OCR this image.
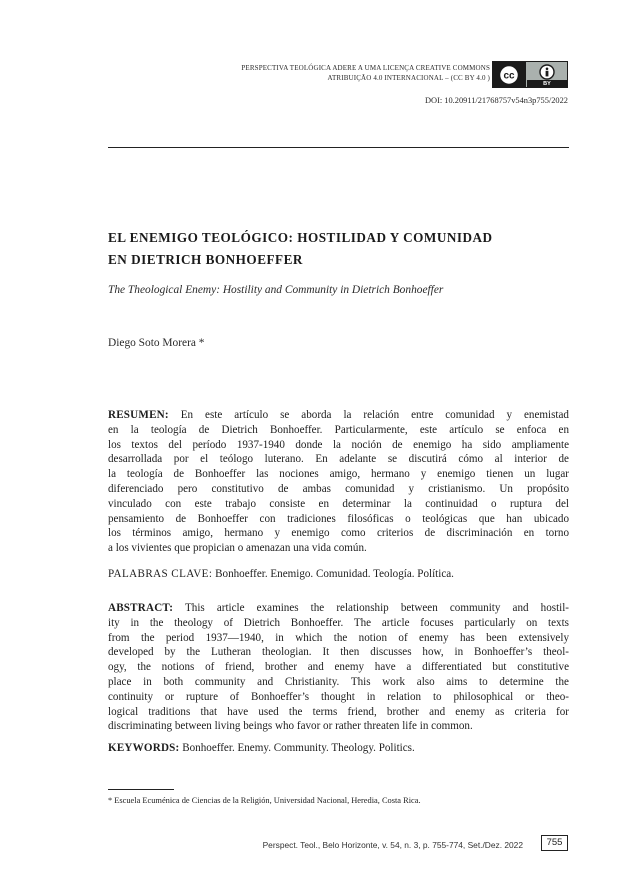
PERSPECTIVA TEOLÓGICA ADERE A UMA LICENÇA CREATIVE COMMONS
ATRIBUIÇÃO 4.0 INTERNACIONAL – (CC BY 4.0 ) cc
BY
DOI: 10.20911/21768757v54n3p755/2022
EL ENEMIGO TEOLÓGICO: HOSTILIDAD Y COMUNIDAD
EN DIETRICH BONHOEFFER
The Theological Enemy: Hostility and Community in Dietrich Bonhoeffer
Diego Soto Morera *
RESUMEN: En este artículo se aborda la relación entre comunidad y enemistad
en la teología de Dietrich Bonhoeffer. Particularmente, este artículo se enfoca en
los textos del período 1937-1940 donde la noción de enemigo ha sido ampliamente
desarrollada por el teólogo luterano. En adelante se discutirá cómo al interior de
la teología de Bonhoeffer las nociones amigo, hermano y enemigo tienen un lugar
diferenciado pero constitutivo de ambas comunidad y cristianismo. Un propósito
vinculado con este trabajo consiste en determinar la continuidad o ruptura del
pensamiento de Bonhoeffer con tradiciones filosóficas o teológicas que han ubicado
los términos amigo, hermano y enemigo como criterios de discriminación en torno
a los vivientes que propician o amenazan una vida común.
PALABRAS CLAVE: Bonhoeffer. Enemigo. Comunidad. Teología. Política.
ABSTRACT: This article examines the relationship between community and hostil-
ity in the theology of Dietrich Bonhoeffer. The article focuses particularly on texts
from the period 1937—1940, in which the notion of enemy has been extensively
developed by the Lutheran theologian. It then discusses how, in Bonhoeffer’s theol-
ogy, the notions of friend, brother and enemy have a differentiated but constitutive
place in both community and Christianity. This work also aims to determine the
continuity or rupture of Bonhoeffer’s thought in relation to philosophical or theo-
logical traditions that have used the terms friend, brother and enemy as criteria for
discriminating between living beings who favor or rather threaten life in common.
KEYWORDS: Bonhoeffer. Enemy. Community. Theology. Politics.
* Escuela Ecuménica de Ciencias de la Religión, Universidad Nacional, Heredia, Costa Rica.
Perspect. Teol., Belo Horizonte, v. 54, n. 3, p. 755-774, Set./Dez. 2022	755
